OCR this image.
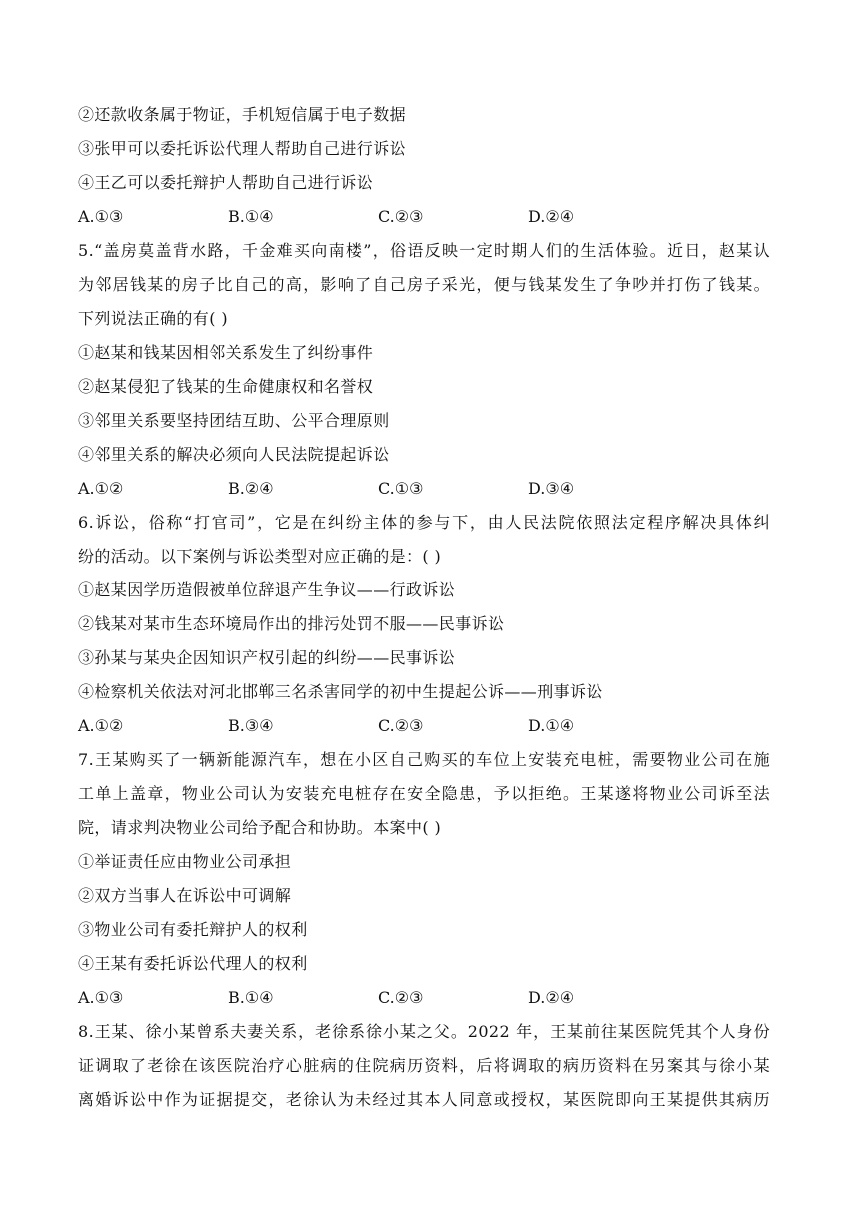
②还款收条属于物证，手机短信属于电子数据
③张甲可以委托诉讼代理人帮助自己进行诉讼
④王乙可以委托辩护人帮助自己进行诉讼
A.①③	B.①④	C.②③	D.②④
5.“盖房莫盖背水路，千金难买向南楼”，俗语反映一定时期人们的生活体验。近日，赵某认
为邻居钱某的房子比自己的高，影响了自己房子采光，便与钱某发生了争吵并打伤了钱某。
下列说法正确的有( )
①赵某和钱某因相邻关系发生了纠纷事件
②赵某侵犯了钱某的生命健康权和名誉权
③邻里关系要坚持团结互助、公平合理原则
④邻里关系的解决必须向人民法院提起诉讼
A.①②	B.②④	C.①③	D.③④
6.诉讼，俗称“打官司”，它是在纠纷主体的参与下，由人民法院依照法定程序解决具体纠
纷的活动。以下案例与诉讼类型对应正确的是：( )
①赵某因学历造假被单位辞退产生争议——行政诉讼
②钱某对某市生态环境局作出的排污处罚不服——民事诉讼
③孙某与某央企因知识产权引起的纠纷——民事诉讼
④检察机关依法对河北邯郸三名杀害同学的初中生提起公诉——刑事诉讼
A.①②	B.③④	C.②③	D.①④
7.王某购买了一辆新能源汽车，想在小区自己购买的车位上安装充电桩，需要物业公司在施
工单上盖章，物业公司认为安装充电桩存在安全隐患，予以拒绝。王某遂将物业公司诉至法
院，请求判决物业公司给予配合和协助。本案中( )
①举证责任应由物业公司承担
②双方当事人在诉讼中可调解
③物业公司有委托辩护人的权利
④王某有委托诉讼代理人的权利
A.①③	B.①④	C.②③	D.②④
8.王某、徐小某曾系夫妻关系，老徐系徐小某之父。2022 年，王某前往某医院凭其个人身份
证调取了老徐在该医院治疗心脏病的住院病历资料，后将调取的病历资料在另案其与徐小某
离婚诉讼中作为证据提交，老徐认为未经过其本人同意或授权，某医院即向王某提供其病历
